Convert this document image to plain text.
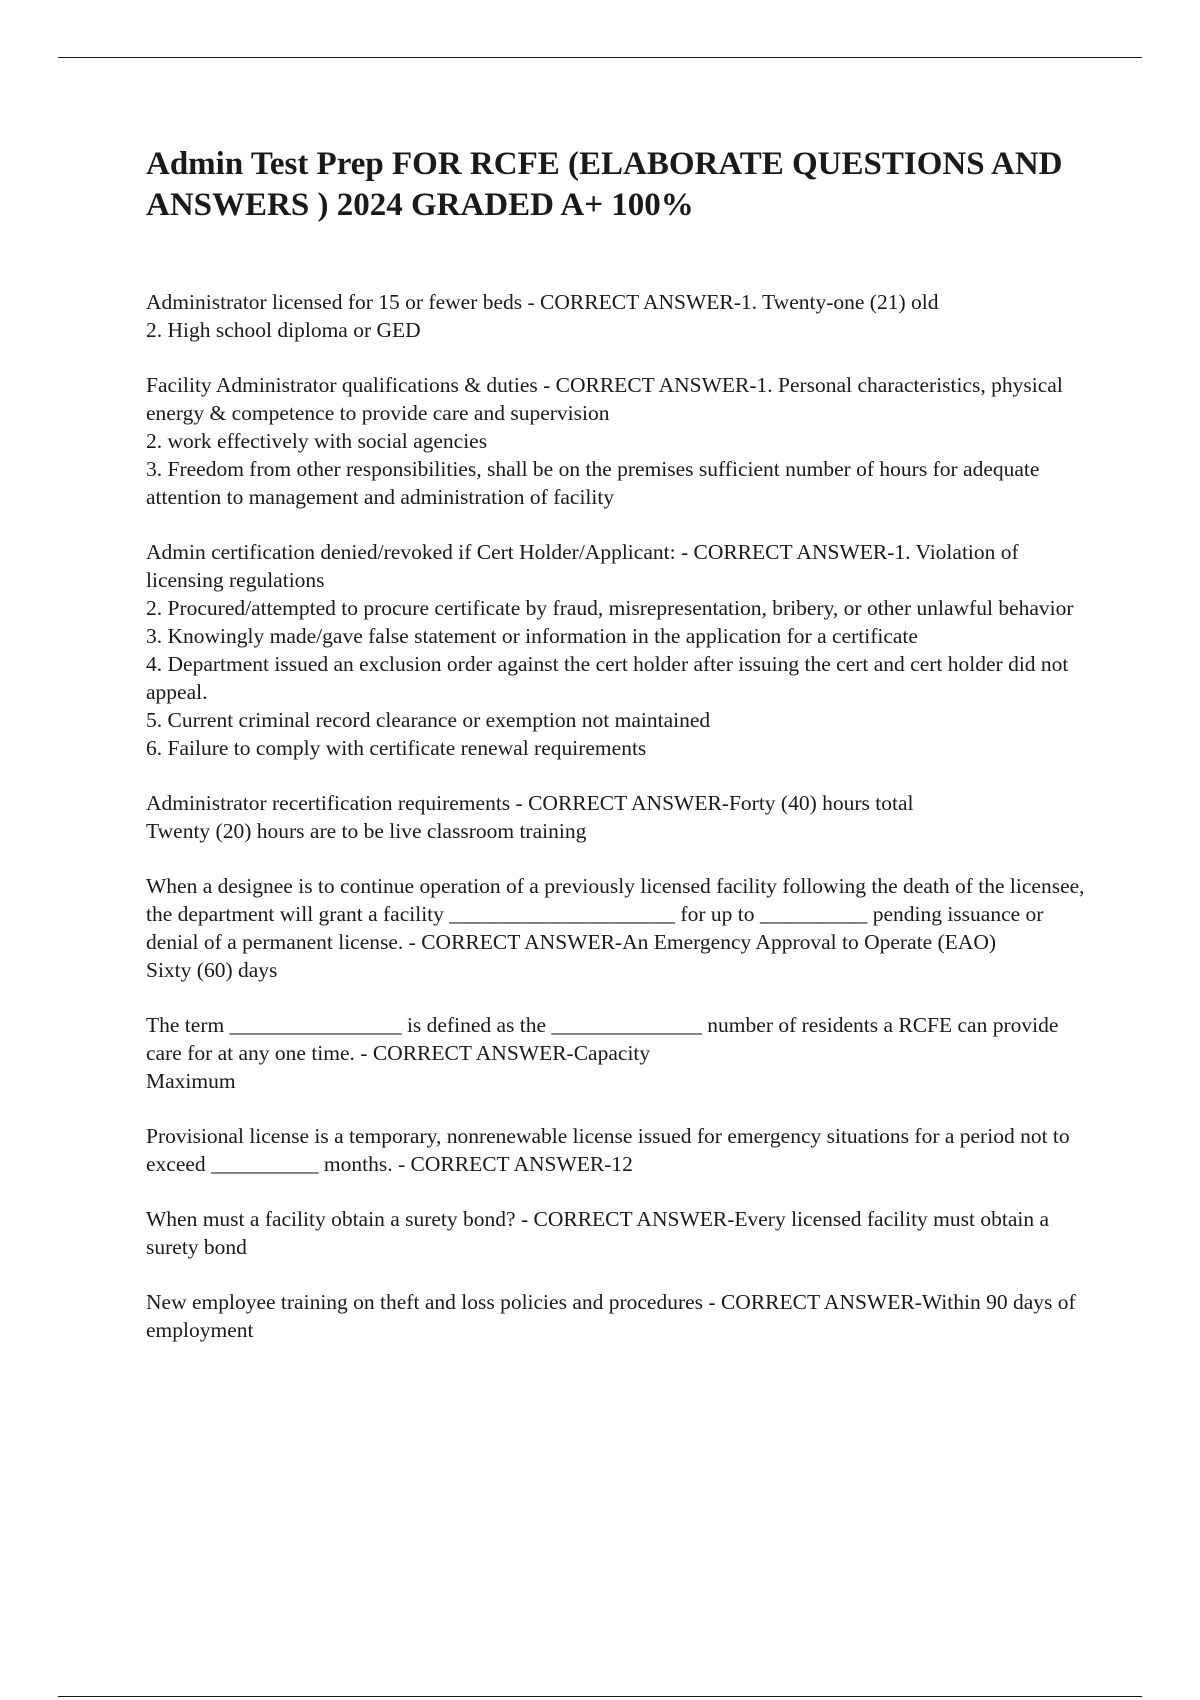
Admin Test Prep FOR RCFE (ELABORATE QUESTIONS AND ANSWERS ) 2024 GRADED A+ 100%

Administrator licensed for 15 or fewer beds - CORRECT ANSWER-1. Twenty-one (21) old
2. High school diploma or GED

Facility Administrator qualifications & duties - CORRECT ANSWER-1. Personal characteristics, physical energy & competence to provide care and supervision
2. work effectively with social agencies
3. Freedom from other responsibilities, shall be on the premises sufficient number of hours for adequate attention to management and administration of facility

Admin certification denied/revoked if Cert Holder/Applicant: - CORRECT ANSWER-1. Violation of licensing regulations
2. Procured/attempted to procure certificate by fraud, misrepresentation, bribery, or other unlawful behavior
3. Knowingly made/gave false statement or information in the application for a certificate
4. Department issued an exclusion order against the cert holder after issuing the cert and cert holder did not appeal.
5. Current criminal record clearance or exemption not maintained
6. Failure to comply with certificate renewal requirements

Administrator recertification requirements - CORRECT ANSWER-Forty (40) hours total
Twenty (20) hours are to be live classroom training

When a designee is to continue operation of a previously licensed facility following the death of the licensee, the department will grant a facility _____________________ for up to __________ pending issuance or denial of a permanent license. - CORRECT ANSWER-An Emergency Approval to Operate (EAO)
Sixty (60) days

The term ________________ is defined as the ______________ number of residents a RCFE can provide care for at any one time. - CORRECT ANSWER-Capacity
Maximum

Provisional license is a temporary, nonrenewable license issued for emergency situations for a period not to exceed __________ months. - CORRECT ANSWER-12

When must a facility obtain a surety bond? - CORRECT ANSWER-Every licensed facility must obtain a surety bond

New employee training on theft and loss policies and procedures - CORRECT ANSWER-Within 90 days of employment
